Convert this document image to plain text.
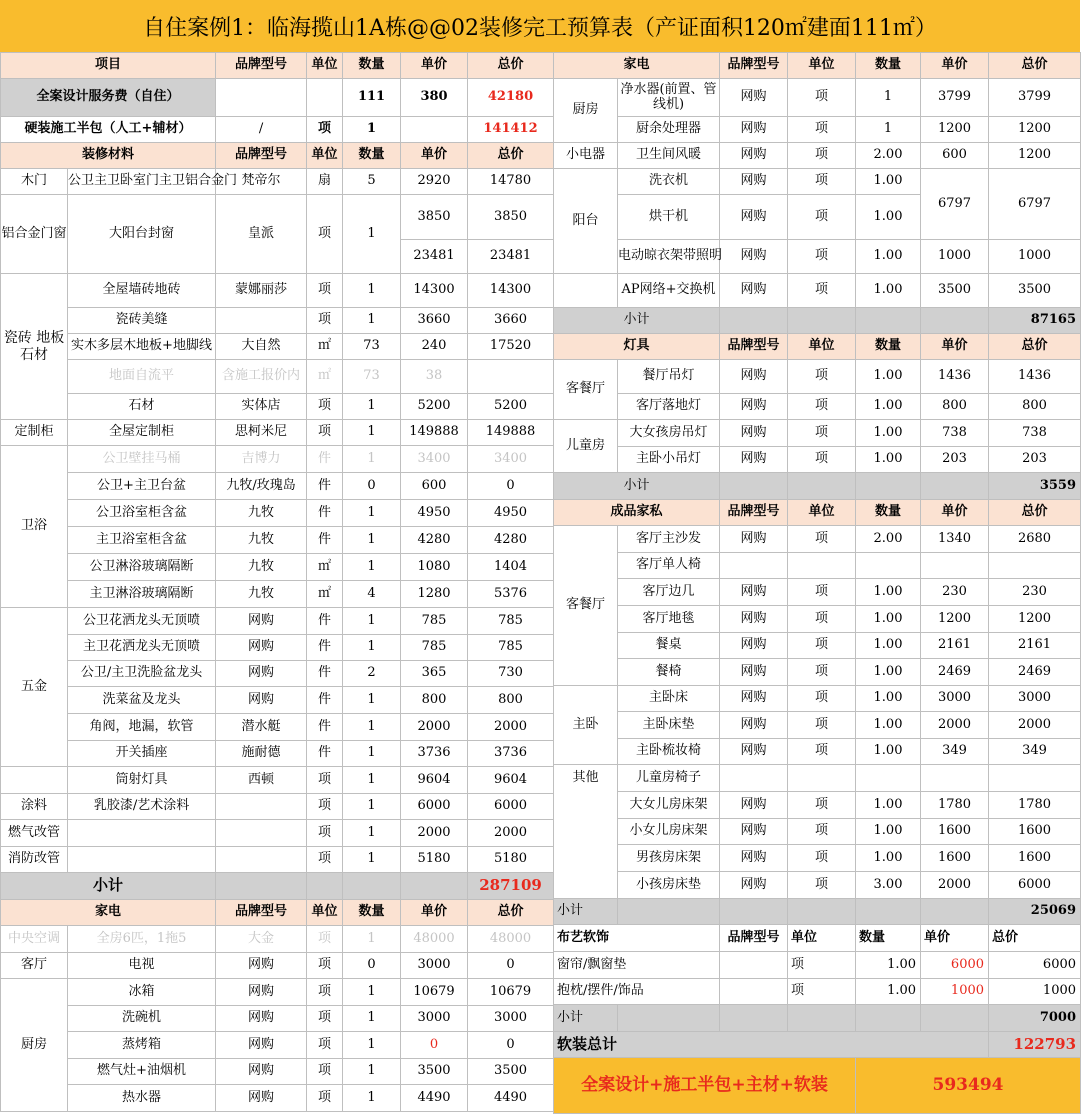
自住案例1：临海揽山1A栋@@02装修完工预算表（产证面积120㎡建面111㎡）
项目		品牌型号	单位	数量	单价	总价
全案设计服务费（自住）				111	380	42180
硬装施工半包（人工+辅材）		/	项	1		141412
装修材料		品牌型号	单位	数量	单价	总价
木门	公卫主卫卧室门主卫铝合金门	梵帝尔	扇	5	2920	14780
铝合金门窗	大阳台封窗	皇派	项	1	3850	3850
					23481	23481
瓷砖 地板 石材	全屋墙砖地砖	蒙娜丽莎	项	1	14300	14300
	瓷砖美缝		项	1	3660	3660
	实木多层木地板+地脚线	大自然	㎡	73	240	17520
	地面自流平	含施工报价内	㎡	73	38	
	石材	实体店	项	1	5200	5200
定制柜	全屋定制柜	思柯米尼	项	1	149888	149888
卫浴	公卫壁挂马桶	吉博力	件	1	3400	3400
	公卫+主卫台盆	九牧/玫瑰岛	件	0	600	0
	公卫浴室柜含盆	九牧	件	1	4950	4950
	主卫浴室柜含盆	九牧	件	1	4280	4280
	公卫淋浴玻璃隔断	九牧	㎡	1	1080	1404
	主卫淋浴玻璃隔断	九牧	㎡	4	1280	5376
五金	公卫花洒龙头无顶喷	网购	件	1	785	785
	主卫花洒龙头无顶喷	网购	件	1	785	785
	公卫/主卫洗脸盆龙头	网购	件	2	365	730
	洗菜盆及龙头	网购	件	1	800	800
	角阀，地漏，软管	潜水艇	件	1	2000	2000
	开关插座	施耐德	件	1	3736	3736
	筒射灯具	西顿	项	1	9604	9604
涂料	乳胶漆/艺术涂料		项	1	6000	6000
燃气改管			项	1	2000	2000
消防改管			项	1	5180	5180
小计						287109
家电		品牌型号	单位	数量	单价	总价
中央空调	全房6匹，1拖5	大金	项	1	48000	48000
客厅	电视	网购	项	0	3000	0
厨房	冰箱	网购	项	1	10679	10679
	洗碗机	网购	项	1	3000	3000
	蒸烤箱	网购	项	1	0	0
	燃气灶+油烟机	网购	项	1	3500	3500
	热水器	网购	项	1	4490	4490
家电		品牌型号	单位	数量	单价	总价
厨房	净水器(前置、管线机)	网购	项	1	3799	3799
	厨余处理器	网购	项	1	1200	1200
小电器	卫生间风暖	网购	项	2.00	600	1200
阳台	洗衣机	网购	项	1.00	6797	6797
	烘干机	网购	项	1.00		
	电动晾衣架带照明	网购	项	1.00	1000	1000
	AP网络+交换机	网购	项	1.00	3500	3500
小计						87165
灯具		品牌型号	单位	数量	单价	总价
客餐厅	餐厅吊灯	网购	项	1.00	1436	1436
	客厅落地灯	网购	项	1.00	800	800
儿童房	大女孩房吊灯	网购	项	1.00	738	738
	主卧小吊灯	网购	项	1.00	203	203
小计						3559
成品家私		品牌型号	单位	数量	单价	总价
客餐厅	客厅主沙发	网购	项	2.00	1340	2680
	客厅单人椅					
	客厅边几	网购	项	1.00	230	230
	客厅地毯	网购	项	1.00	1200	1200
	餐桌	网购	项	1.00	2161	2161
	餐椅	网购	项	1.00	2469	2469
主卧	主卧床	网购	项	1.00	3000	3000
	主卧床垫	网购	项	1.00	2000	2000
	主卧梳妆椅	网购	项	1.00	349	349
其他	儿童房椅子					
	大女儿房床架	网购	项	1.00	1780	1780
	小女儿房床架	网购	项	1.00	1600	1600
	男孩房床架	网购	项	1.00	1600	1600
	小孩房床垫	网购	项	3.00	2000	6000
小计						25069
布艺软饰		品牌型号	单位	数量	单价	总价
窗帘/飘窗垫			项	1.00	6000	6000
抱枕/摆件/饰品			项	1.00	1000	1000
小计						7000
软装总计						122793
全案设计+施工半包+主材+软装				593494		
